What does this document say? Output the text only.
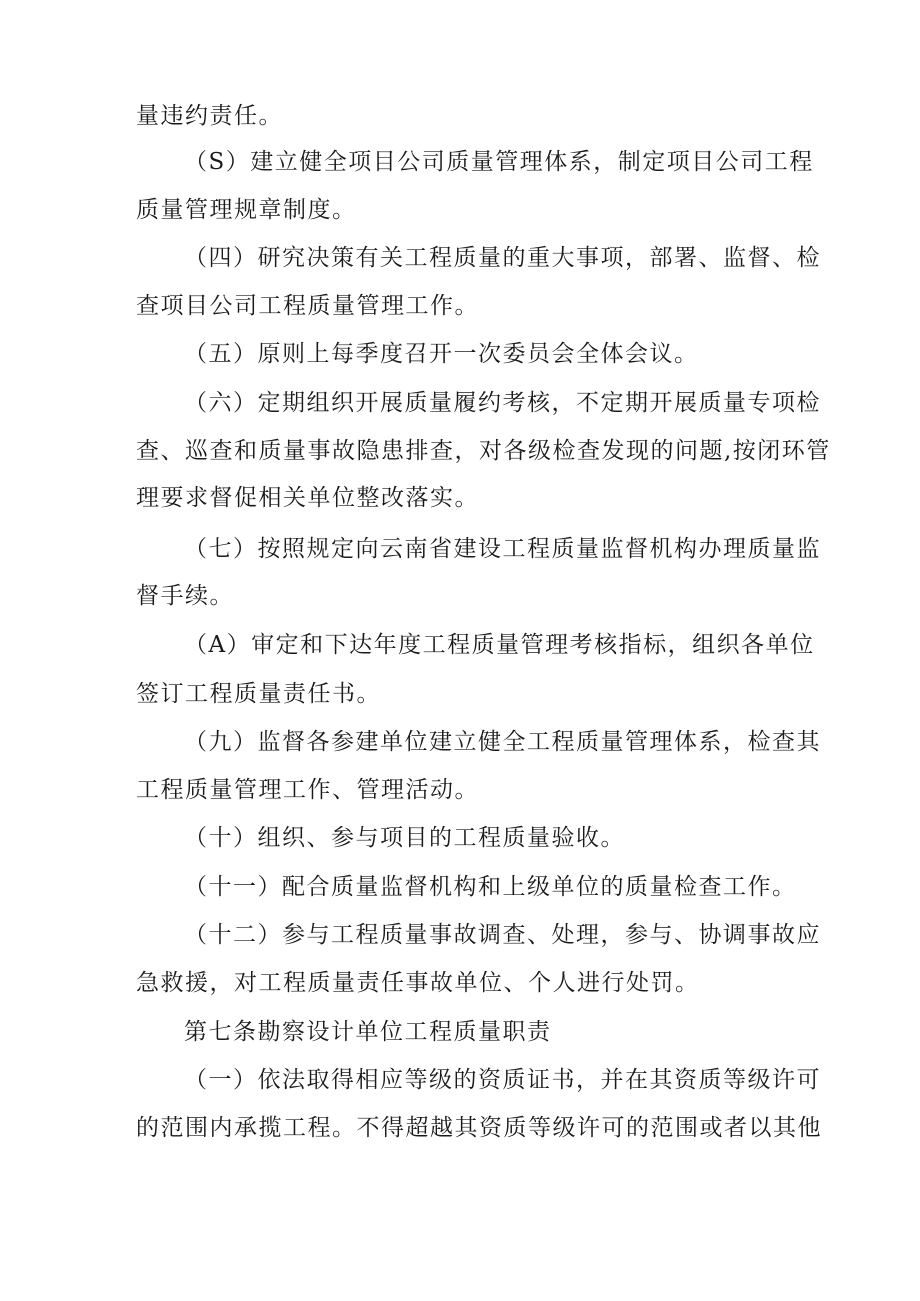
量违约责任。
（S）建立健全项目公司质量管理体系，制定项目公司工程
质量管理规章制度。
（四）研究决策有关工程质量的重大事项，部署、监督、检
查项目公司工程质量管理工作。
（五）原则上每季度召开一次委员会全体会议。
（六）定期组织开展质量履约考核，不定期开展质量专项检
查、巡查和质量事故隐患排查，对各级检查发现的问题,按闭环管
理要求督促相关单位整改落实。
（七）按照规定向云南省建设工程质量监督机构办理质量监
督手续。
（A）审定和下达年度工程质量管理考核指标，组织各单位
签订工程质量责任书。
（九）监督各参建单位建立健全工程质量管理体系，检查其
工程质量管理工作、管理活动。
（十）组织、参与项目的工程质量验收。
（十一）配合质量监督机构和上级单位的质量检查工作。
（十二）参与工程质量事故调查、处理，参与、协调事故应
急救援，对工程质量责任事故单位、个人进行处罚。
第七条勘察设计单位工程质量职责
（一）依法取得相应等级的资质证书，并在其资质等级许可
的范围内承揽工程。不得超越其资质等级许可的范围或者以其他
